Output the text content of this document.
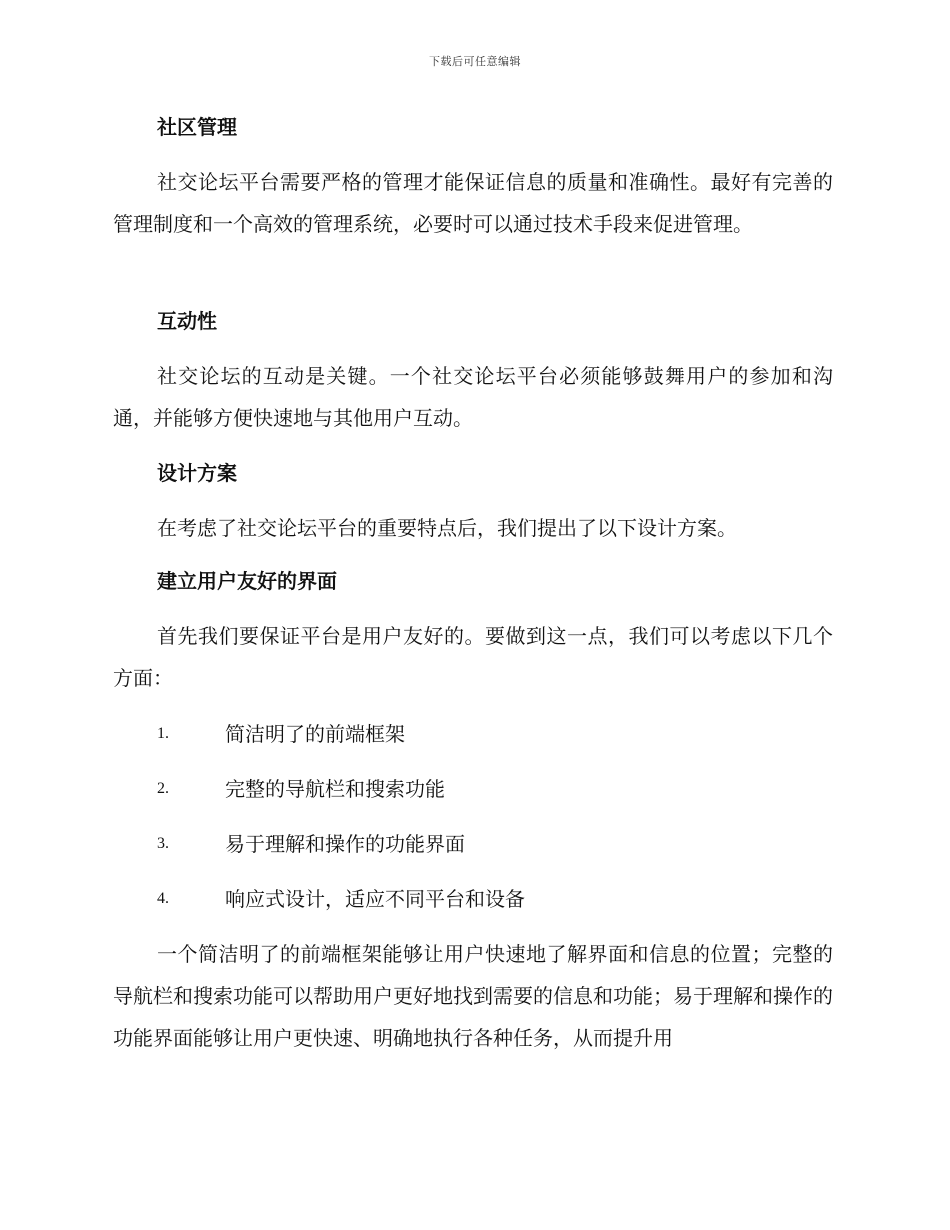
下载后可任意编辑
社区管理

社交论坛平台需要严格的管理才能保证信息的质量和准确性。最好有完善的管理制度和一个高效的管理系统，必要时可以通过技术手段来促进管理。

互动性

社交论坛的互动是关键。一个社交论坛平台必须能够鼓舞用户的参加和沟通，并能够方便快速地与其他用户互动。

设计方案

在考虑了社交论坛平台的重要特点后，我们提出了以下设计方案。

建立用户友好的界面

首先我们要保证平台是用户友好的。要做到这一点，我们可以考虑以下几个方面：

1.	简洁明了的前端框架
2.	完整的导航栏和搜索功能
3.	易于理解和操作的功能界面
4.	响应式设计，适应不同平台和设备

一个简洁明了的前端框架能够让用户快速地了解界面和信息的位置；完整的导航栏和搜索功能可以帮助用户更好地找到需要的信息和功能；易于理解和操作的功能界面能够让用户更快速、明确地执行各种任务，从而提升用
